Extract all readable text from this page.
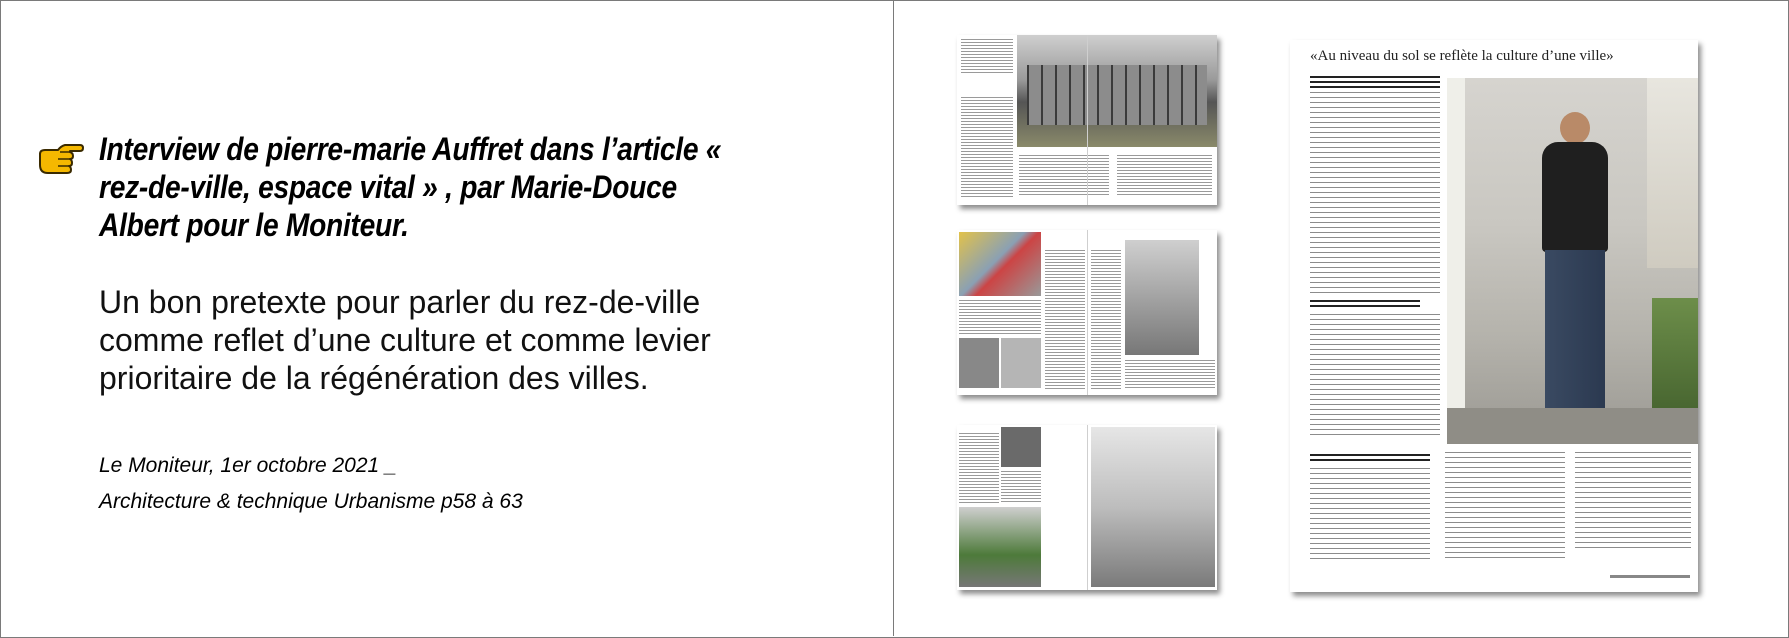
Interview de pierre-marie Auffret dans l’article « rez-de-ville, espace vital » , par Marie-Douce Albert pour le Moniteur.

Un bon pretexte pour parler du rez-de-ville comme reflet d’une culture et comme levier prioritaire de la régénération des villes.

Le Moniteur, 1er octobre 2021 _

Architecture & technique Urbanisme p58 à 63

«Au niveau du sol se reflète la culture d’une ville»
